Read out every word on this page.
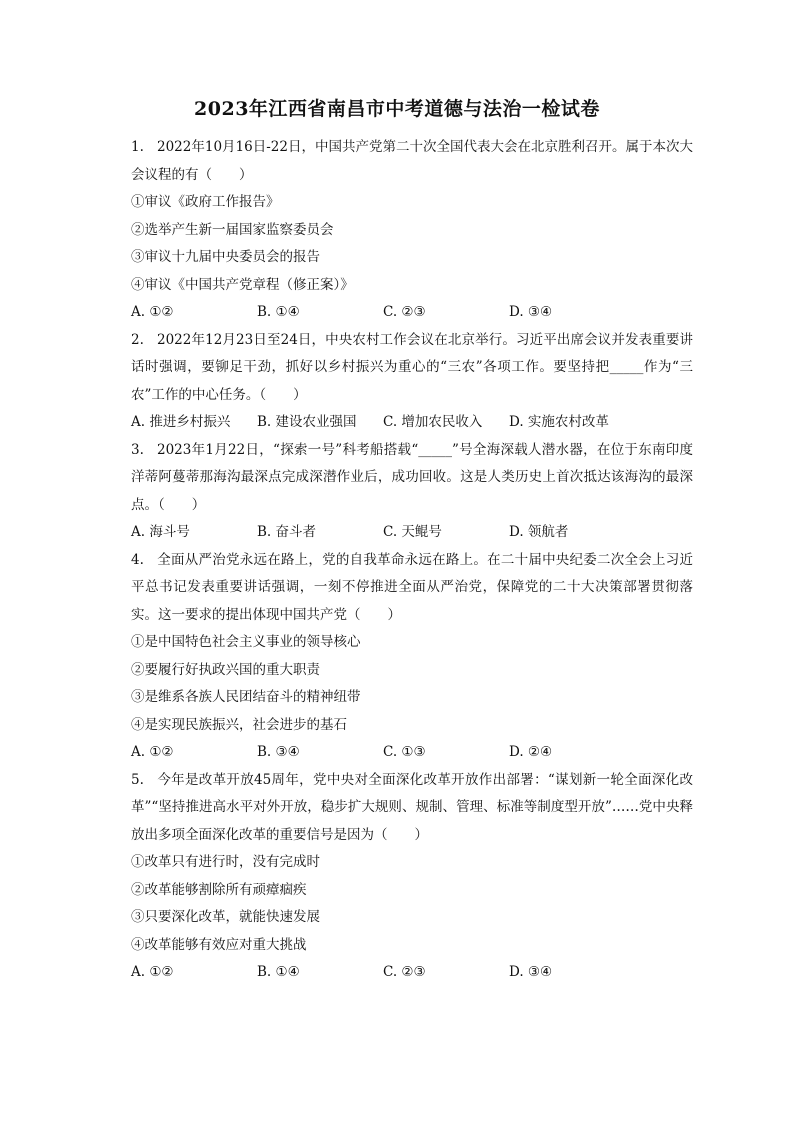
2023年江西省南昌市中考道德与法治一检试卷

1. 2022年10月16日-22日，中国共产党第二十次全国代表大会在北京胜利召开。属于本次大会议程的有（　　）

①审议《政府工作报告》

②选举产生新一届国家监察委员会

③审议十九届中央委员会的报告

④审议《中国共产党章程（修正案）》

A. ①②	B. ①④	C. ②③	D. ③④

2. 2022年12月23日至24日，中央农村工作会议在北京举行。习近平出席会议并发表重要讲话时强调，要铆足干劲，抓好以乡村振兴为重心的“三农”各项工作。要坚持把_____作为“三农”工作的中心任务。（　　）

A. 推进乡村振兴	B. 建设农业强国	C. 增加农民收入	D. 实施农村改革

3. 2023年1月22日，“探索一号”科考船搭载“_____”号全海深载人潜水器，在位于东南印度洋蒂阿蔓蒂那海沟最深点完成深潜作业后，成功回收。这是人类历史上首次抵达该海沟的最深点。（　　）

A. 海斗号	B. 奋斗者	C. 天鲲号	D. 领航者

4. 全面从严治党永远在路上，党的自我革命永远在路上。在二十届中央纪委二次全会上习近平总书记发表重要讲话强调，一刻不停推进全面从严治党，保障党的二十大决策部署贯彻落实。这一要求的提出体现中国共产党（　　）

①是中国特色社会主义事业的领导核心

②要履行好执政兴国的重大职责

③是维系各族人民团结奋斗的精神纽带

④是实现民族振兴，社会进步的基石

A. ①②	B. ③④	C. ①③	D. ②④

5. 今年是改革开放45周年，党中央对全面深化改革开放作出部署：“谋划新一轮全面深化改革”“坚持推进高水平对外开放，稳步扩大规则、规制、管理、标准等制度型开放”……党中央释放出多项全面深化改革的重要信号是因为（　　）

①改革只有进行时，没有完成时

②改革能够割除所有顽瘴痼疾

③只要深化改革，就能快速发展

④改革能够有效应对重大挑战

A. ①②	B. ①④	C. ②③	D. ③④
